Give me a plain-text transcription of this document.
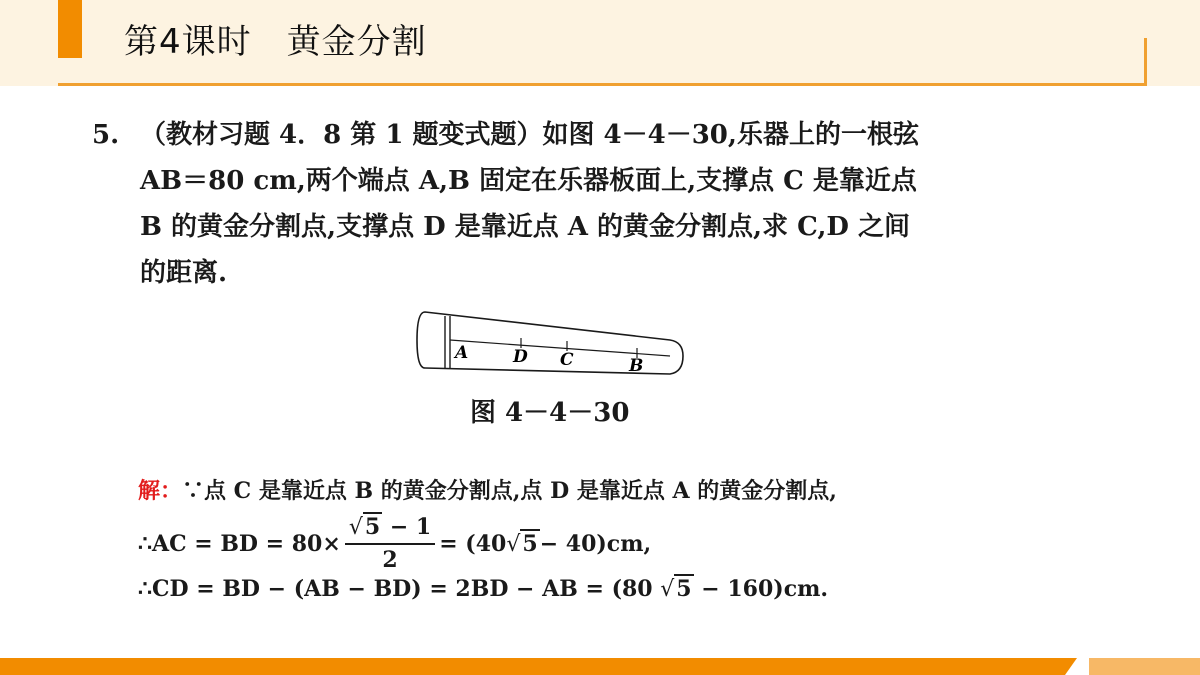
第4课时　黄金分割
5. （教材习题 4．8 第 1 题变式题）如图 4－4－30,乐器上的一根弦
AB＝80 cm,两个端点 A,B 固定在乐器板面上,支撑点 C 是靠近点
B 的黄金分割点,支撑点 D 是靠近点 A 的黄金分割点,求 C,D 之间
的距离.
A	D C	B
图 4－4－30
解：∵点 C 是靠近点 B 的黄金分割点,点 D 是靠近点 A 的黄金分割点,
∴AC = BD = $80\times \frac{√5 - 1}{2} = (40√5- 40)cm$,
∴CD = BD − (AB − BD) = 2BD − AB = (80 √5 − 160)cm.
